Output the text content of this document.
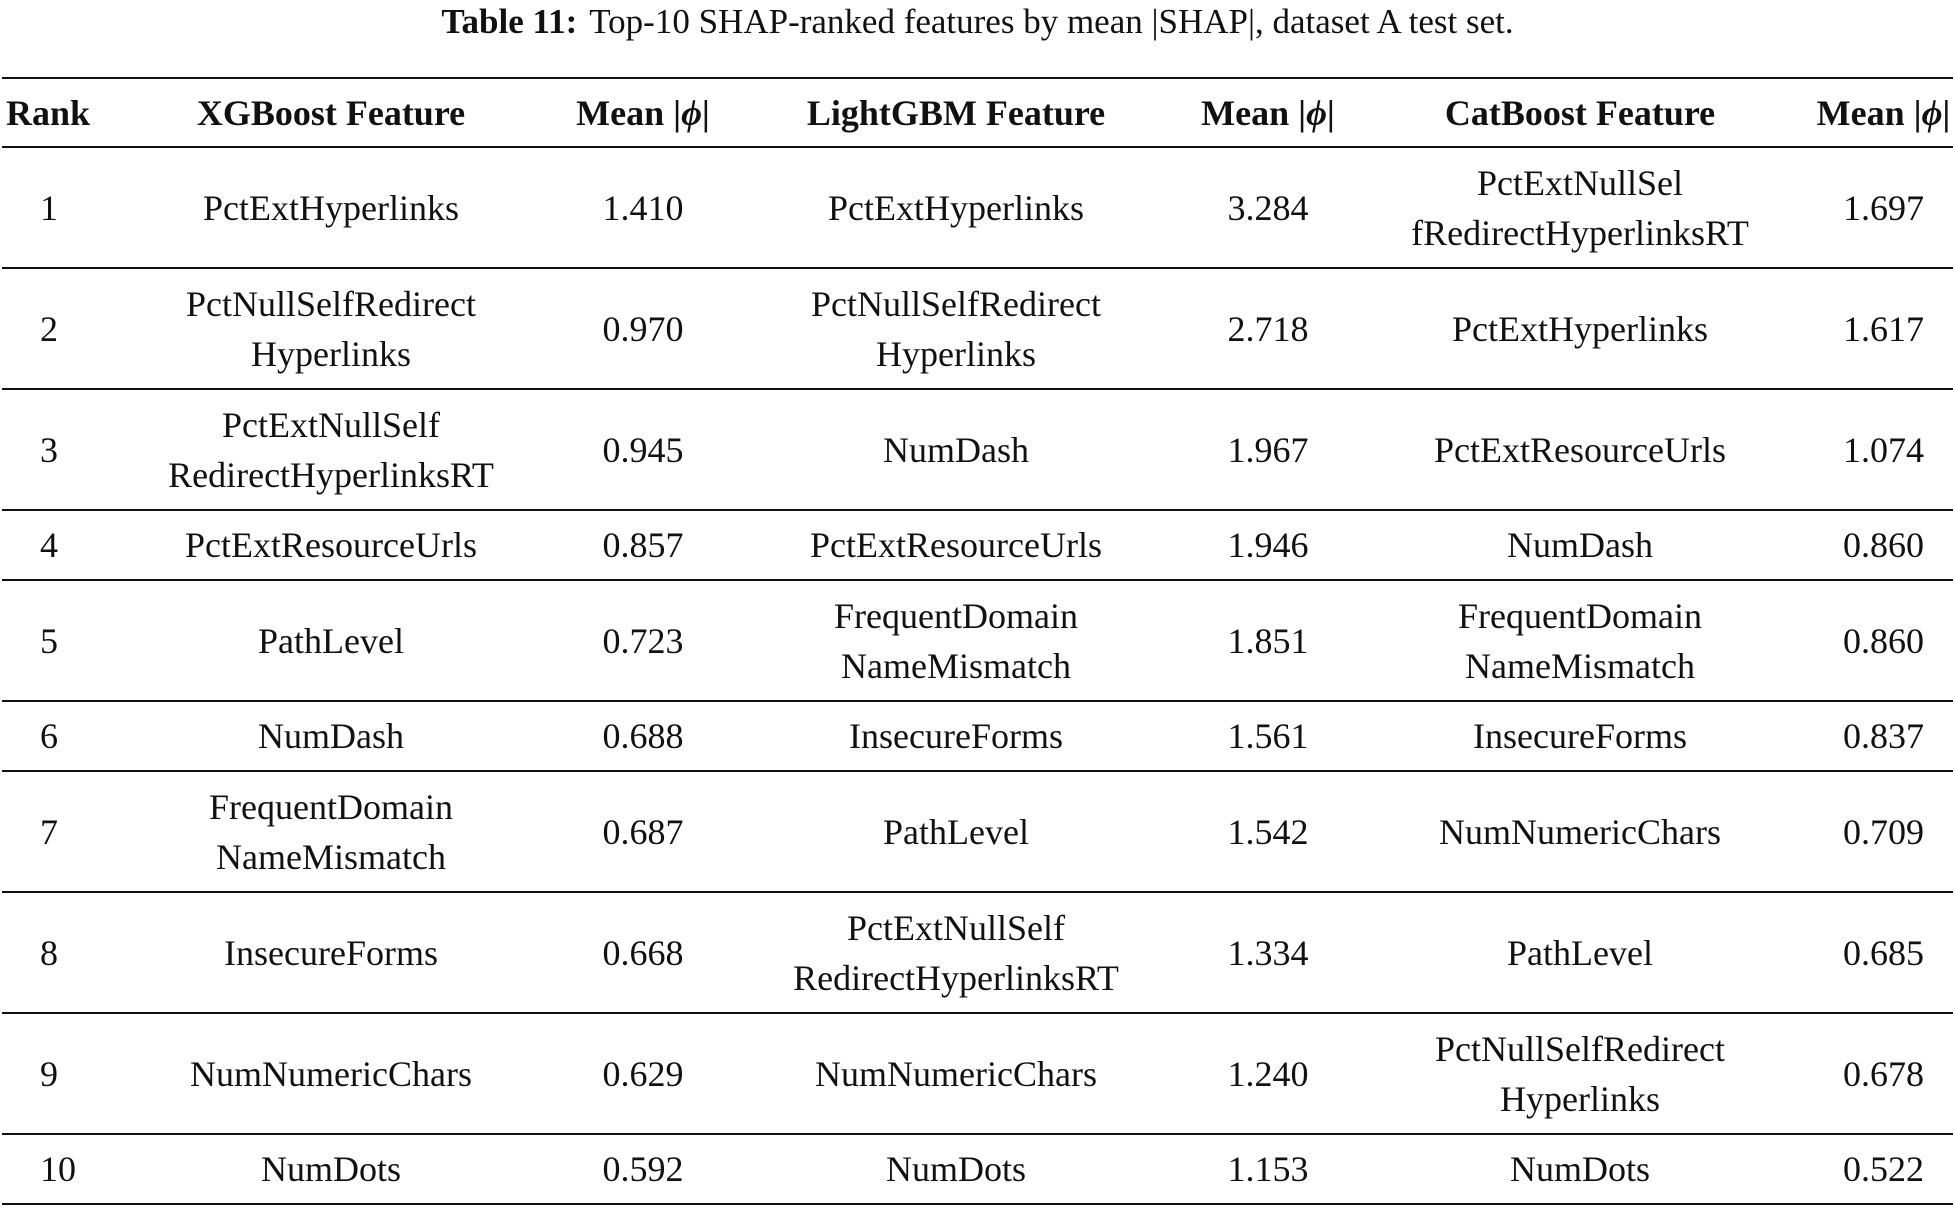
Table 11: Top-10 SHAP-ranked features by mean |SHAP|, dataset A test set.

Rank	XGBoost Feature	Mean |ϕ|	LightGBM Feature	Mean |ϕ|	CatBoost Feature	Mean |ϕ|
1	PctExtHyperlinks	1.410	PctExtHyperlinks	3.284	PctExtNullSel
fRedirectHyperlinksRT	1.697
2	PctNullSelfRedirect
Hyperlinks	0.970	PctNullSelfRedirect
Hyperlinks	2.718	PctExtHyperlinks	1.617
3	PctExtNullSelf
RedirectHyperlinksRT	0.945	NumDash	1.967	PctExtResourceUrls	1.074
4	PctExtResourceUrls	0.857	PctExtResourceUrls	1.946	NumDash	0.860
5	PathLevel	0.723	FrequentDomain
NameMismatch	1.851	FrequentDomain
NameMismatch	0.860
6	NumDash	0.688	InsecureForms	1.561	InsecureForms	0.837
7	FrequentDomain
NameMismatch	0.687	PathLevel	1.542	NumNumericChars	0.709
8	InsecureForms	0.668	PctExtNullSelf
RedirectHyperlinksRT	1.334	PathLevel	0.685
9	NumNumericChars	0.629	NumNumericChars	1.240	PctNullSelfRedirect
Hyperlinks	0.678
10	NumDots	0.592	NumDots	1.153	NumDots	0.522
